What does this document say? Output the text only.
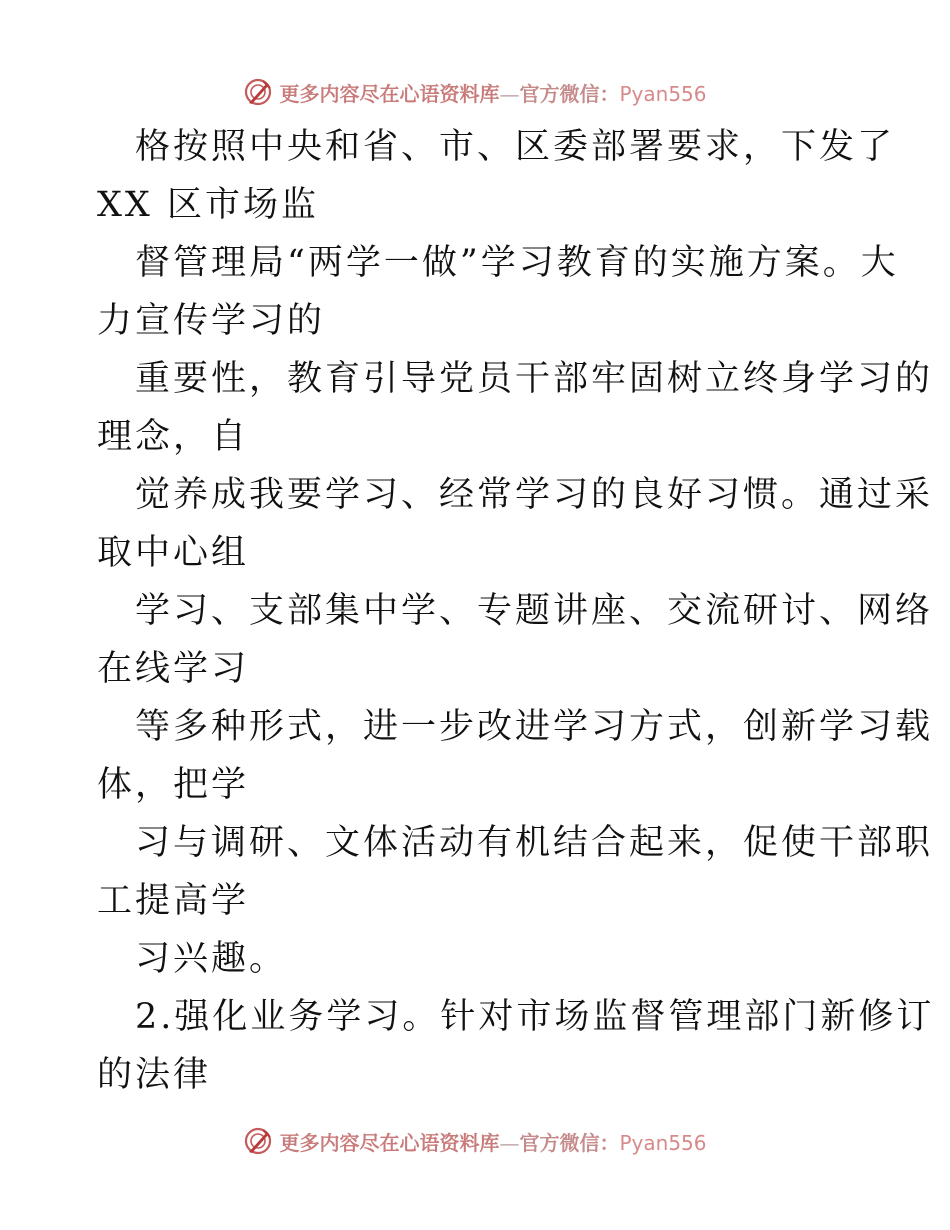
更多内容尽在心语资料库—官方微信：Pyan556
格按照中央和省、市、区委部署要求，下发了
XX 区市场监
督管理局“两学一做”学习教育的实施方案。大
力宣传学习的
重要性，教育引导党员干部牢固树立终身学习的
理念，自
觉养成我要学习、经常学习的良好习惯。通过采
取中心组
学习、支部集中学、专题讲座、交流研讨、网络
在线学习
等多种形式，进一步改进学习方式，创新学习载
体，把学
习与调研、文体活动有机结合起来，促使干部职
工提高学
习兴趣。
2.强化业务学习。针对市场监督管理部门新修订
的法律
更多内容尽在心语资料库—官方微信：Pyan556
